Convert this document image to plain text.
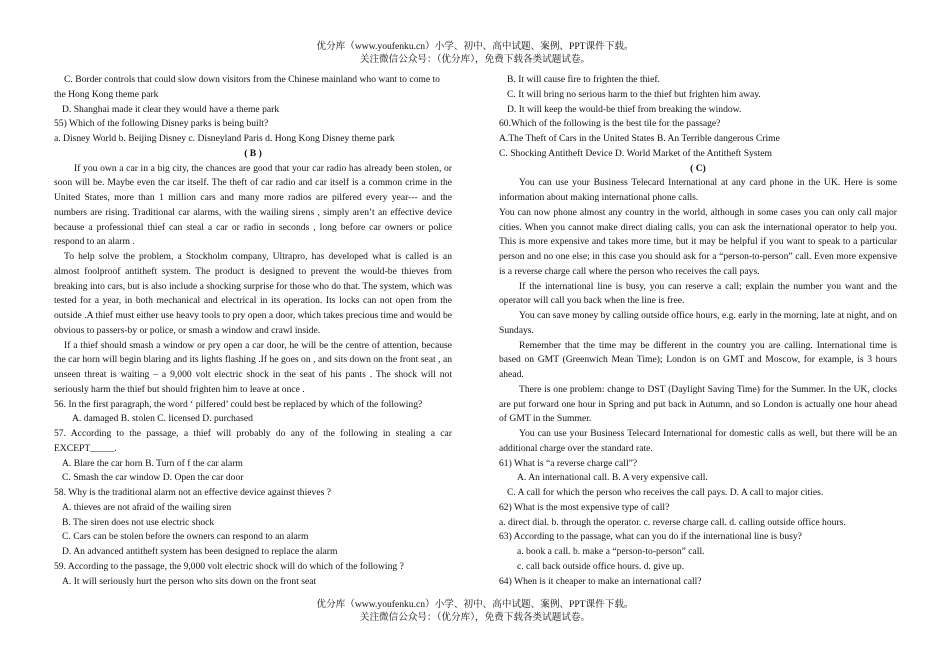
优分库（www.youfenku.cn）小学、初中、高中试题、案例、PPT课件下载。
关注微信公众号：（优分库），免费下载各类试题试卷。

C. Border controls that could slow down visitors from the Chinese mainland who want to come to the Hong Kong theme park

D. Shanghai made it clear they would have a theme park

55) Which of the following Disney parks is being built?

a. Disney World b. Beijing Disney c. Disneyland Paris d. Hong Kong Disney theme park

( B )

If you own a car in a big city, the chances are good that your car radio has already been stolen, or soon will be. Maybe even the car itself. The theft of car radio and car itself is a common crime in the United States, more than 1 million cars and many more radios are pilfered every year--- and the numbers are rising. Traditional car alarms, with the wailing sirens , simply aren’t an effective device because a professional thief can steal a car or radio in seconds , long before car owners or police respond to an alarm .

To help solve the problem, a Stockholm company, Ultrapro, has developed what is called is an almost foolproof antitheft system. The product is designed to prevent the would-be thieves from breaking into cars, but is also include a shocking surprise for those who do that. The system, which was tested for a year, in both mechanical and electrical in its operation. Its locks can not open from the outside .A thief must either use heavy tools to pry open a door, which takes precious time and would be obvious to passers-by or police, or smash a window and crawl inside.

If a thief should smash a window or pry open a car door, he will be the centre of attention, because the car horn will begin blaring and its lights flashing .If he goes on , and sits down on the front seat , an unseen threat is waiting – a 9,000 volt electric shock in the seat of his pants . The shock will not seriously harm the thief but should frighten him to leave at once .

56. In the first paragraph, the word ‘ pilfered’ could best be replaced by which of the following?

A. damaged B. stolen C. licensed D. purchased

57. According to the passage, a thief will probably do any of the following in stealing a car EXCEPT_____.

A. Blare the car horn B. Turn of f the car alarm

C. Smash the car window D. Open the car door

58. Why is the traditional alarm not an effective device against thieves ?

A. thieves are not afraid of the wailing siren

B. The siren does not use electric shock

C. Cars can be stolen before the owners can respond to an alarm

D. An advanced antitheft system has been designed to replace the alarm

59. According to the passage, the 9,000 volt electric shock will do which of the following ?

A. It will seriously hurt the person who sits down on the front seat

B. It will cause fire to frighten the thief.

C. It will bring no serious harm to the thief but frighten him away.

D. It will keep the would-be thief from breaking the window.

60.Which of the following is the best tile for the passage?

A.The Theft of Cars in the United States B. An Terrible dangerous Crime

C. Shocking Antitheft Device D. World Market of the Antitheft System

( C)

You can use your Business Telecard International at any card phone in the UK. Here is some information about making international phone calls.

You can now phone almost any country in the world, although in some cases you can only call major cities. When you cannot make direct dialing calls, you can ask the international operator to help you. This is more expensive and takes more time, but it may be helpful if you want to speak to a particular person and no one else; in this case you should ask for a “person-to-person” call. Even more expensive is a reverse charge call where the person who receives the call pays.

If the international line is busy, you can reserve a call; explain the number you want and the operator will call you back when the line is free.

You can save money by calling outside office hours, e.g. early in the morning, late at night, and on Sundays.

Remember that the time may be different in the country you are calling. International time is based on GMT (Greenwich Mean Time); London is on GMT and Moscow, for example, is 3 hours ahead.

There is one problem: change to DST (Daylight Saving Time) for the Summer. In the UK, clocks are put forward one hour in Spring and put back in Autumn, and so London is actually one hour ahead of GMT in the Summer.

You can use your Business Telecard International for domestic calls as well, but there will be an additional charge over the standard rate.

61) What is “a reverse charge call”?

A. An international call. B. A very expensive call.

C. A call for which the person who receives the call pays. D. A call to major cities.

62) What is the most expensive type of call?

a. direct dial. b. through the operator. c. reverse charge call. d. calling outside office hours.

63) According to the passage, what can you do if the international line is busy?

a. book a call. b. make a “person-to-person” call.

c. call back outside office hours. d. give up.

64) When is it cheaper to make an international call?

优分库（www.youfenku.cn）小学、初中、高中试题、案例、PPT课件下载。
关注微信公众号：（优分库），免费下载各类试题试卷。
